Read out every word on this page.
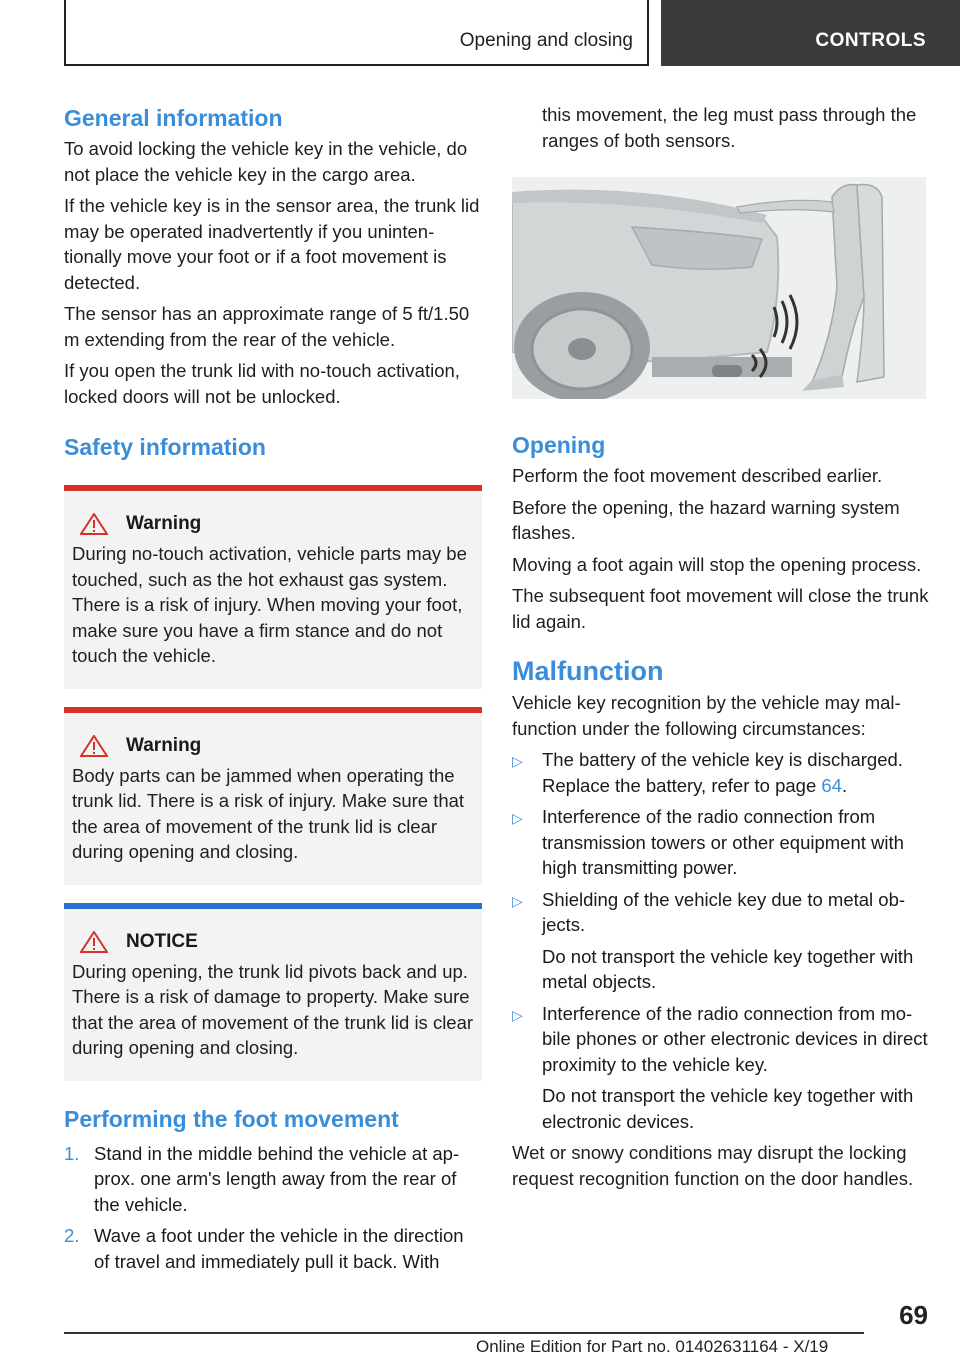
Opening and closing	CONTROLS
General information

To avoid locking the vehicle key in the vehicle, do not place the vehicle key in the cargo area.

If the vehicle key is in the sensor area, the trunk lid may be operated inadvertently if you unintentionally move your foot or if a foot movement is detected.

The sensor has an approximate range of 5 ft/1.50 m extending from the rear of the vehicle.

If you open the trunk lid with no-touch activation, locked doors will not be unlocked.

Safety information
Warning

During no-touch activation, vehicle parts may be touched, such as the hot exhaust gas system. There is a risk of injury. When moving your foot, make sure you have a firm stance and do not touch the vehicle.

Warning

Body parts can be jammed when operating the trunk lid. There is a risk of injury. Make sure that the area of movement of the trunk lid is clear during opening and closing.

NOTICE

During opening, the trunk lid pivots back and up. There is a risk of damage to property. Make sure that the area of movement of the trunk lid is clear during opening and closing.

Performing the foot movement
1. Stand in the middle behind the vehicle at approx. one arm's length away from the rear of the vehicle.
2. Wave a foot under the vehicle in the direction of travel and immediately pull it back. With

this movement, the leg must pass through the ranges of both sensors.

Opening

Perform the foot movement described earlier.

Before the opening, the hazard warning system flashes.

Moving a foot again will stop the opening process.

The subsequent foot movement will close the trunk lid again.

Malfunction

Vehicle key recognition by the vehicle may malfunction under the following circumstances:

▷	The battery of the vehicle key is discharged. Replace the battery, refer to page 64.
▷	Interference of the radio connection from transmission towers or other equipment with high transmitting power.
▷	Shielding of the vehicle key due to metal objects.
Do not transport the vehicle key together with metal objects.
▷	Interference of the radio connection from mobile phones or other electronic devices in direct proximity to the vehicle key.
Do not transport the vehicle key together with electronic devices.

Wet or snowy conditions may disrupt the locking request recognition function on the door handles.

69
Online Edition for Part no. 01402631164 - X/19
